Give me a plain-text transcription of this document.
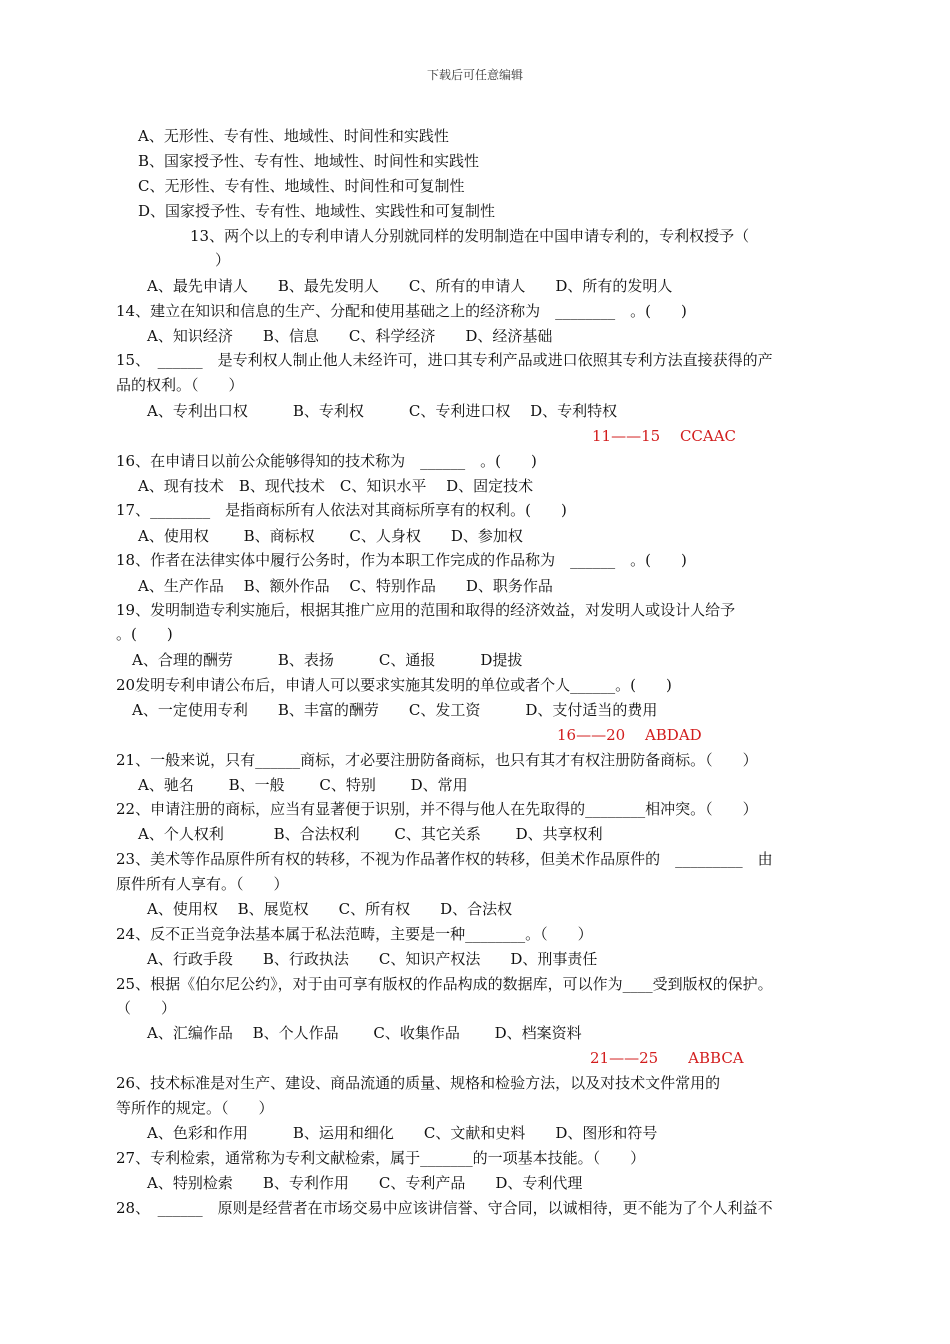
下载后可任意编辑
A、无形性、专有性、地域性、时间性和实践性
B、国家授予性、专有性、地域性、时间性和实践性
C、无形性、专有性、地域性、时间性和可复制性
D、国家授予性、专有性、地域性、实践性和可复制性
13、两个以上的专利申请人分别就同样的发明制造在中国申请专利的，专利权授予（
）
A、最先申请人　　B、最先发明人　　C、所有的申请人　　D、所有的发明人
14、建立在知识和信息的生产、分配和使用基础之上的经济称为　________　。(　　)
A、知识经济　　B、信息　　C、科学经济　　D、经济基础
15、　______　是专利权人制止他人未经许可，进口其专利产品或进口依照其专利方法直接获得的产
品的权利。（　　）
A、专利出口权　　　B、专利权　　　C、专利进口权　 D、专利特权
11——15　 CCAAC
16、在申请日以前公众能够得知的技术称为　______　。(　　)
A、现有技术　B、现代技术　C、知识水平　 D、固定技术
17、________　是指商标所有人依法对其商标所享有的权利。(　　)
A、使用权　　 B、商标权　　 C、人身权　　D、参加权
18、作者在法律实体中履行公务时，作为本职工作完成的作品称为　______　。(　　)
A、生产作品　 B、额外作品　 C、特别作品　　D、职务作品
19、发明制造专利实施后，根据其推广应用的范围和取得的经济效益，对发明人或设计人给予
。(　　)
A、合理的酬劳　　　B、表扬　　　C、通报　　　D提拔
20发明专利申请公布后，申请人可以要求实施其发明的单位或者个人______。(　　)
A、一定使用专利　　B、丰富的酬劳　　C、发工资　　　D、支付适当的费用
16——20　 ABDAD
21、一般来说，只有______商标，才必要注册防备商标，也只有其才有权注册防备商标。（　　）
A、驰名　　 B、一般　　 C、特别　　 D、常用
22、申请注册的商标，应当有显著便于识别，并不得与他人在先取得的________相冲突。（　　）
A、个人权利　　　 B、合法权利　　 C、其它关系　　 D、共享权利
23、美术等作品原件所有权的转移，不视为作品著作权的转移，但美术作品原件的　_________　由
原件所有人享有。（　　）
A、使用权　 B、展览权　　C、所有权　　D、合法权
24、反不正当竞争法基本属于私法范畴，主要是一种________。（　　）
A、行政手段　　B、行政执法　　C、知识产权法　　D、刑事责任
25、根据《伯尔尼公约》，对于由可享有版权的作品构成的数据库，可以作为____受到版权的保护。
（　　）
A、汇编作品　 B、个人作品　　 C、收集作品　　 D、档案资料
21——25　　ABBCA
26、技术标准是对生产、建设、商品流通的质量、规格和检验方法，以及对技术文件常用的
等所作的规定。（　　）
A、色彩和作用　　　B、运用和细化　　C、文献和史料　　D、图形和符号
27、专利检索，通常称为专利文献检索，属于_______的一项基本技能。（　　）
A、特别检索　　B、专利作用　　C、专利产品　　D、专利代理
28、　______　原则是经营者在市场交易中应该讲信誉、守合同，以诚相待，更不能为了个人利益不
